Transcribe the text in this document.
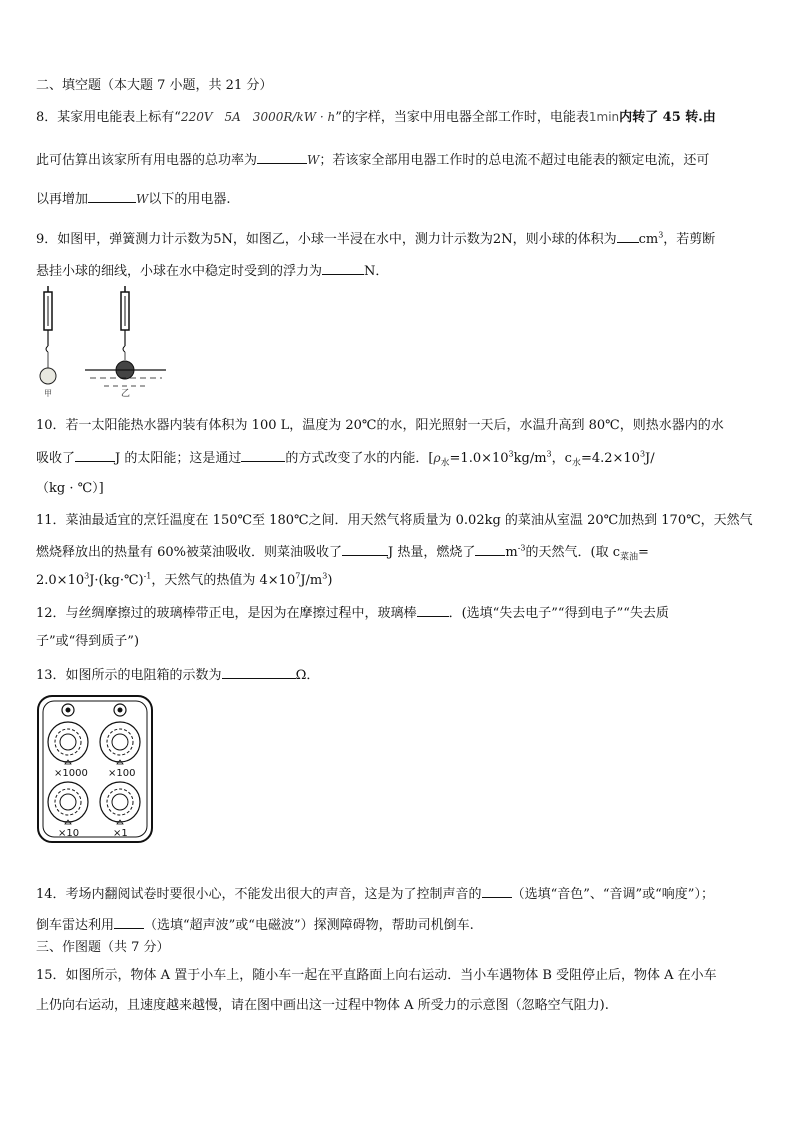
二、填空题（本大题 7 小题，共 21 分）
8．某家用电能表上标有“220V　5A　3000R/kW · h”的字样，当家中用电器全部工作时，电能表1min内转了 45 转.由
此可估算出该家所有用电器的总功率为	W；若该家全部用电器工作时的总电流不超过电能表的额定电流，还可
以再增加	W以下的用电器.
9．如图甲，弹簧测力计示数为5N，如图乙，小球一半浸在水中，测力计示数为2N，则小球的体积为 $cm^3$，若剪断
悬挂小球的细线，小球在水中稳定时受到的浮力为	N．
甲	乙
10．若一太阳能热水器内装有体积为 100 L，温度为 20℃的水，阳光照射一天后，水温升高到 80℃，则热水器内的水
吸收了	J 的太阳能；这是通过	的方式改变了水的内能．[$\rho_水=1.0\times 10^3kg/m^3$，$c_水=4.2\times 10^3J/$
（kg · ℃）]
11．菜油最适宜的烹饪温度在 150℃至 180℃之间．用天然气将质量为 0.02kg 的菜油从室温 20℃加热到 170℃，天然气
燃烧释放出的热量有 60%被菜油吸收．则菜油吸收了	J 热量，燃烧了 $m^{-3}$的天然气．(取 $c_{菜油}=$
$2.0\times 10^3J\cdot(kg\cdot℃)^{-1}$，天然气的热值为 $4\times 10^7J/m^3$)
12．与丝绸摩擦过的玻璃棒带正电，是因为在摩擦过程中，玻璃棒 ．(选填“失去电子”“得到电子”“失去质
子”或“得到质子”)
13．如图所示的电阻箱的示数为	Ω．
×1000 ×100
×10	×1
14．考场内翻阅试卷时要很小心，不能发出很大的声音，这是为了控制声音的 （选填“音色”、“音调”或“响度”）；
倒车雷达利用 （选填“超声波”或“电磁波”）探测障碍物，帮助司机倒车.
三、作图题（共 7 分）
15．如图所示，物体 A 置于小车上，随小车一起在平直路面上向右运动．当小车遇物体 B 受阻停止后，物体 A 在小车
上仍向右运动，且速度越来越慢，请在图中画出这一过程中物体 A 所受力的示意图（忽略空气阻力).
